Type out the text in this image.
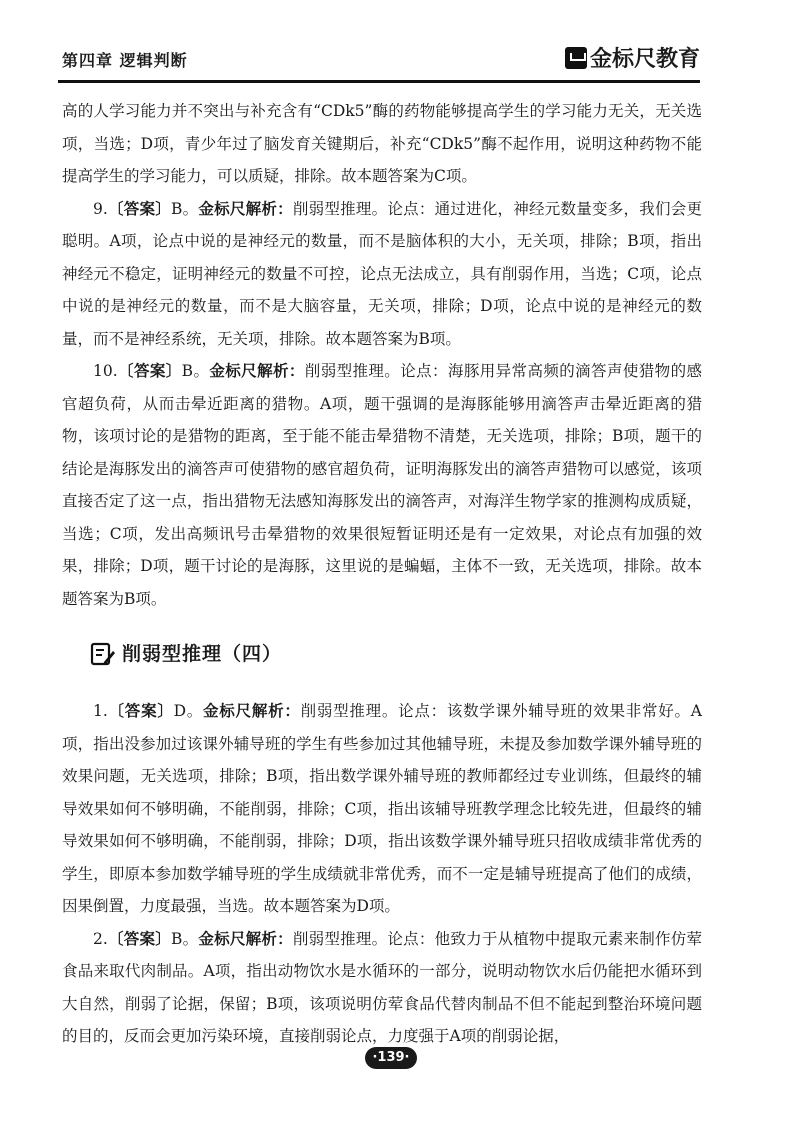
第四章 逻辑判断	金标尺教育

高的人学习能力并不突出与补充含有“CDk5”酶的药物能够提高学生的学习能力无关，无关选项，当选；D项，青少年过了脑发育关键期后，补充“CDk5”酶不起作用，说明这种药物不能提高学生的学习能力，可以质疑，排除。故本题答案为C项。

9.〔答案〕B。金标尺解析：削弱型推理。论点：通过进化，神经元数量变多，我们会更聪明。A项，论点中说的是神经元的数量，而不是脑体积的大小，无关项，排除；B项，指出神经元不稳定，证明神经元的数量不可控，论点无法成立，具有削弱作用，当选；C项，论点中说的是神经元的数量，而不是大脑容量，无关项，排除；D项，论点中说的是神经元的数量，而不是神经系统，无关项，排除。故本题答案为B项。

10.〔答案〕B。金标尺解析：削弱型推理。论点：海豚用异常高频的滴答声使猎物的感官超负荷，从而击晕近距离的猎物。A项，题干强调的是海豚能够用滴答声击晕近距离的猎物，该项讨论的是猎物的距离，至于能不能击晕猎物不清楚，无关选项，排除；B项，题干的结论是海豚发出的滴答声可使猎物的感官超负荷，证明海豚发出的滴答声猎物可以感觉，该项直接否定了这一点，指出猎物无法感知海豚发出的滴答声，对海洋生物学家的推测构成质疑，当选；C项，发出高频讯号击晕猎物的效果很短暂证明还是有一定效果，对论点有加强的效果，排除；D项，题干讨论的是海豚，这里说的是蝙蝠，主体不一致，无关选项，排除。故本题答案为B项。

削弱型推理（四）

1.〔答案〕D。金标尺解析：削弱型推理。论点：该数学课外辅导班的效果非常好。A项，指出没参加过该课外辅导班的学生有些参加过其他辅导班，未提及参加数学课外辅导班的效果问题，无关选项，排除；B项，指出数学课外辅导班的教师都经过专业训练，但最终的辅导效果如何不够明确，不能削弱，排除；C项，指出该辅导班教学理念比较先进，但最终的辅导效果如何不够明确，不能削弱，排除；D项，指出该数学课外辅导班只招收成绩非常优秀的学生，即原本参加数学辅导班的学生成绩就非常优秀，而不一定是辅导班提高了他们的成绩，因果倒置，力度最强，当选。故本题答案为D项。

2.〔答案〕B。金标尺解析：削弱型推理。论点：他致力于从植物中提取元素来制作仿荤食品来取代肉制品。A项，指出动物饮水是水循环的一部分，说明动物饮水后仍能把水循环到大自然，削弱了论据，保留；B项，该项说明仿荤食品代替肉制品不但不能起到整治环境问题的目的，反而会更加污染环境，直接削弱论点，力度强于A项的削弱论据，

·139·
